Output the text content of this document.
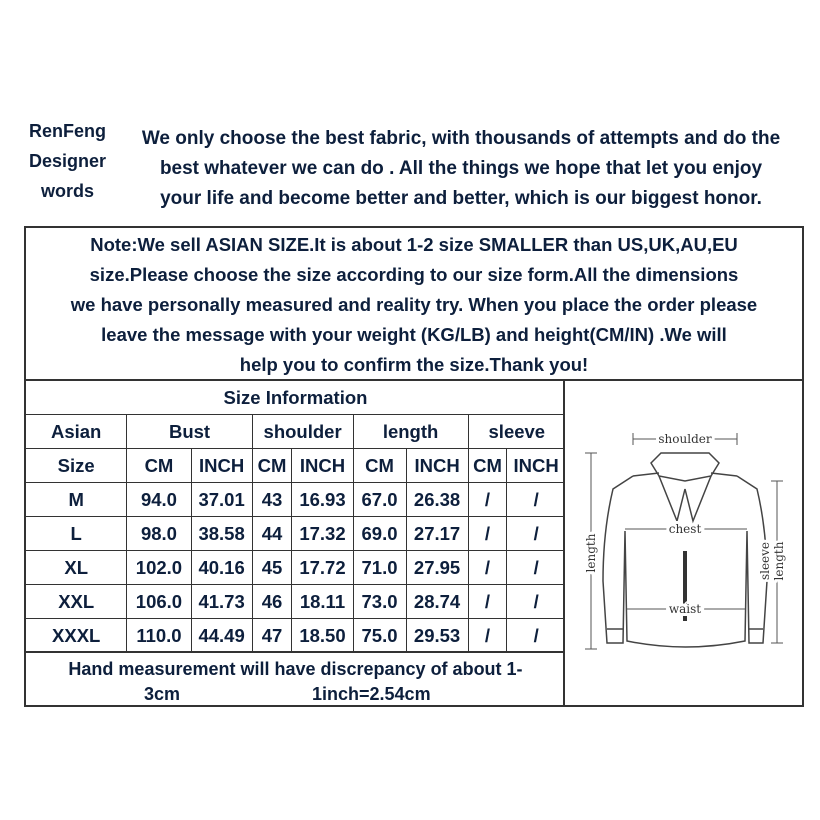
RenFeng
Designer
words
We only choose the best fabric, with thousands of attempts and do the
best whatever we can do . All the things we hope that let you enjoy
your life and become better and better, which is our biggest honor.
Note:We sell ASIAN SIZE.It is about 1-2 size SMALLER than US,UK,AU,EU
size.Please choose the size according to our size form.All the dimensions
we have personally measured and reality try. When you place the order please
leave the message with your weight (KG/LB) and height(CM/IN) .We will
help you to confirm the size.Thank you!
Size Information								
Asian	Bust		shoulder		length		sleeve	
Size	CM	INCH	CM	INCH	CM	INCH	CM	INCH
M	94.0	37.01	43	16.93	67.0	26.38	/	/
L	98.0	38.58	44	17.32	69.0	27.17	/	/
XL	102.0	40.16	45	17.72	71.0	27.95	/	/
XXL	106.0	41.73	46	18.11	73.0	28.74	/	/
XXXL	110.0	44.49	47	18.50	75.0	29.53	/	/
Hand measurement will have discrepancy of about 1-
3cm	1inch=2.54cm
shoulder
chest
waist
length	sleeve length
